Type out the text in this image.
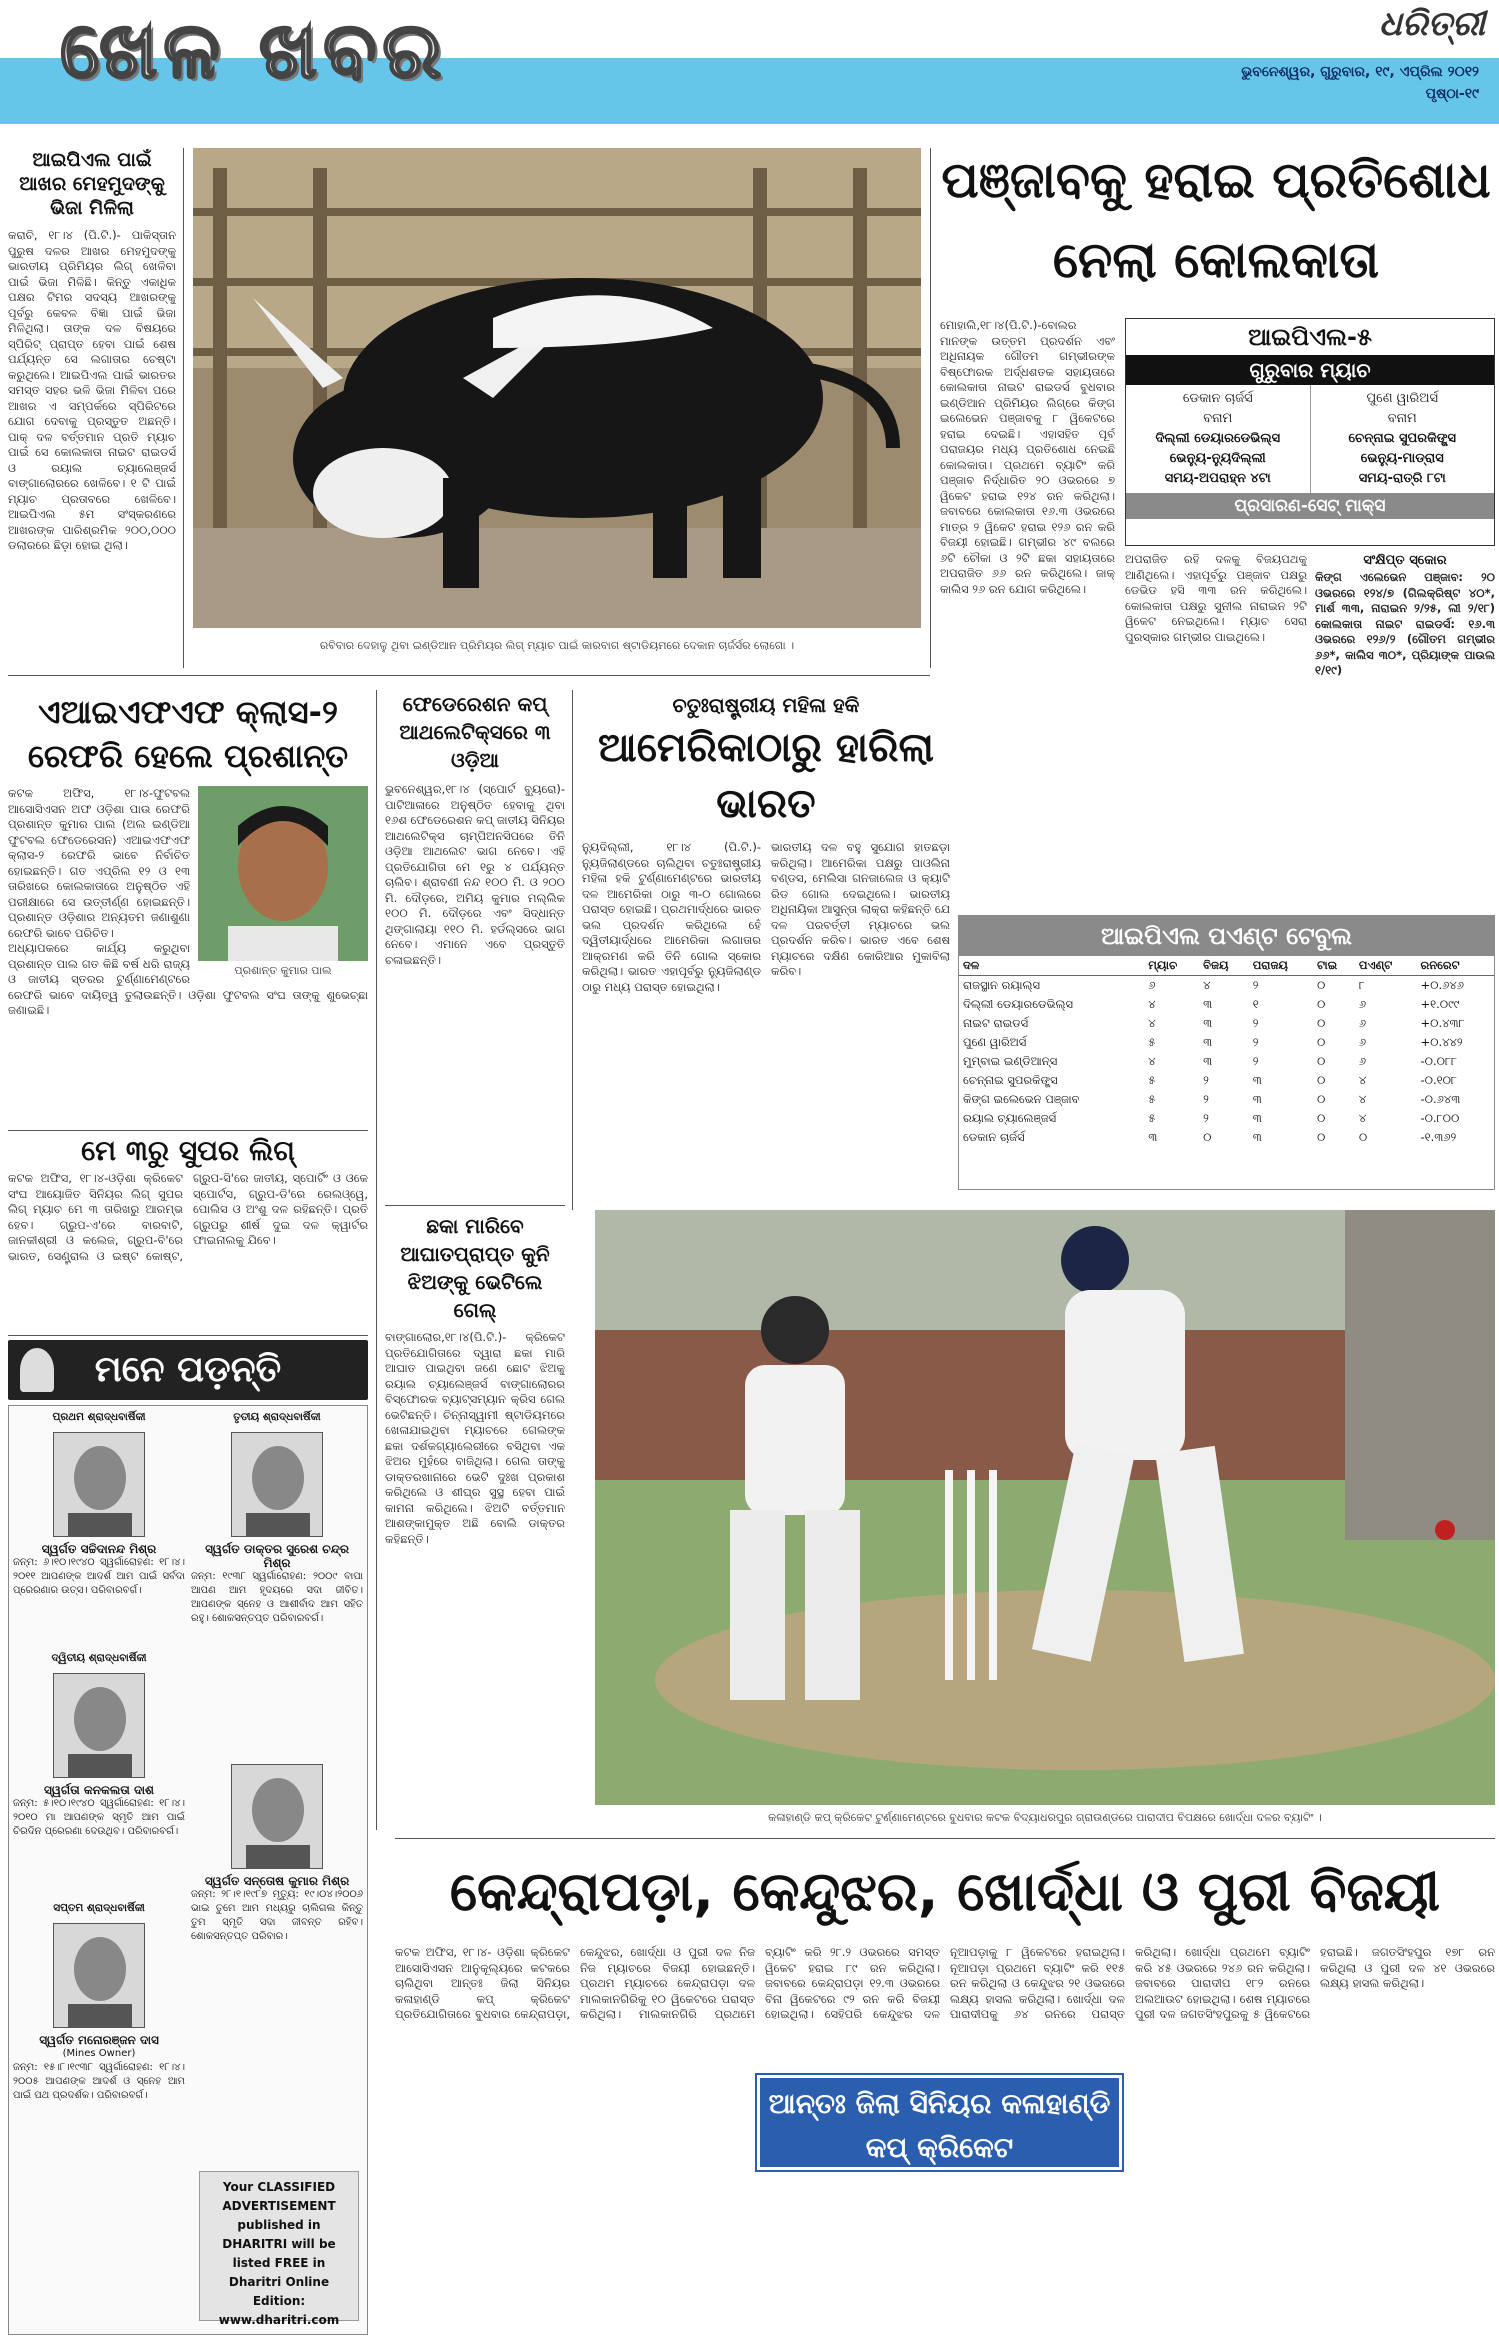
ଖେଳ ଖବର	ଧରିତ୍ରୀ
ଭୁବନେଶ୍ୱର, ଗୁରୁବାର, ୧୯, ଏପ୍ରିଲ ୨୦୧୨
ପୃଷ୍ଠା-୧୯
ଆଇପିଏଲ ପାଇଁ ଆଖର ମେହମୁଦଙ୍କୁ ଭିଜା ମିଳିଲା
କରାଚି, ୧୮।୪ (ପି.ଟି.)- ପାକିସ୍ତାନ ପୁରୁଷ ଦଳର ଆଖର ମେହମୁଦଙ୍କୁ ଭାରତୀୟ ପ୍ରିମିୟର ଲିଗ୍ ଖେଳିବା ପାଇଁ ଭିଜା ମିଳିଛି। କିନ୍ତୁ ଏକାଧିକ ପକ୍ଷର ଟିମର ସଦସ୍ୟ ଆଖରଙ୍କୁ ପୂର୍ବରୁ କେବଳ ବିଜ୍ଞା ପାଇଁ ଭିଜା ମିଳିଥିଲା। ତାଙ୍କ ଦଳ ବିଷୟରେ ସ୍ପିରିଟ୍ ପ୍ରାପ୍ତ ହେବା ପାଇଁ ଶେଷ ପର୍ଯ୍ୟନ୍ତ ସେ ଲଗାତାର ଚେଷ୍ଟା କରୁଥିଲେ। ଆଇପିଏଲ ପାଇଁ ଭାରତର ସମସ୍ତ ସହର ଭଳି ଭିଜା ମିଳିବା ପରେ ଆଖର ଏ ସମ୍ପର୍କରେ ସ୍ପିରିଟରେ ଯୋଗ ଦେବାକୁ ପ୍ରସ୍ତୁତ ଅଛନ୍ତି। ପାକ୍ ଦଳ ବର୍ତ୍ତମାନ ପ୍ରତି ମ୍ୟାଚ ପାଇଁ ସେ କୋଲକାତା ନାଇଟ ରାଇଡର୍ସ ଓ ରୟାଲ ଚ୍ୟାଲେଞ୍ଜର୍ସ ବାଙ୍ଗାଲୋରରେ ଖେଳିବେ। ୧ ଟି ପାଇଁ ମ୍ୟାଚ ପ୍ରତାବରେ ଖେଳିବେ। ଆଇପିଏଲ ୫ମ ସଂସ୍କରଣରେ ଆଖରଙ୍କ ପାରିଶ୍ରମିକ ୨୦୦,୦୦୦ ଡଲାରରେ ଛିଡ଼ା ହୋଇ ଥିଲା।
ରବିବାର ଦେହାଳୁ ଥିବା ଇଣ୍ଡିଆନ ପ୍ରିମିୟର ଲିଗ୍ ମ୍ୟାଚ ପାଇଁ କାରବାଗ ଷ୍ଟାଡିୟମରେ ଦେକାନ ଚାର୍ଜର୍ସର ଲୋଗୋ ।
ପଞ୍ଜାବକୁ ହରାଇ ପ୍ରତିଶୋଧ ନେଲା କୋଲକାତା
ମୋହାଲି,୧୮।୪(ପି.ଟି.)-ବୋଲର ମାନଙ୍କ ଉତ୍ତମ ପ୍ରଦର୍ଶନ ଏବଂ ଅଧିନାୟକ ଗୌତମ ଗମ୍ଭୀରଙ୍କ ବିଷ୍ଫୋରକ ଅର୍ଦ୍ଧଶତକ ସହାୟତାରେ କୋଲକାତା ନାଇଟ ରାଇଡର୍ସ ବୁଧବାର ଇଣ୍ଡିଆନ ପ୍ରିମିୟର ଲିଗ୍‌ରେ କିଙ୍ଗ ଇଲେଭେନ ପଞ୍ଜାବକୁ ୮ ୱିକେଟରେ ହରାଇ ଦେଇଛି। ଏହାସହିତ ପୂର୍ବ ପରାଜୟର ମଧ୍ୟ ପ୍ରତିଶୋଧ ନେଇଛି କୋଲକାତା। ପ୍ରଥମେ ବ୍ୟାଟିଂ କରି ପଞ୍ଜାବ ନିର୍ଦ୍ଧାରିତ ୨୦ ଓଭରରେ ୭ ୱିକେଟ ହରାଇ ୧୨୪ ରନ କରିଥିଲା। ଜବାବରେ କୋଲକାତା ୧୬.୩ ଓଭରରେ ମାତ୍ର ୨ ୱିକେଟ ହରାଇ ୧୨୬ ରନ କରି ବିଜୟୀ ହୋଇଛି। ଗମ୍ଭୀର ୪୯ ବଲରେ ୬ଟି ଚୌକା ଓ ୨ଟି ଛକା ସହାୟତାରେ ଅପରାଜିତ ୬୬ ରନ କରିଥିଲେ। ଜାକ୍ କାଲିସ ୨୬ ରନ ଯୋଗ କରିଥିଲେ।
ଆଇପିଏଲ-୫
ଗୁରୁବାର ମ୍ୟାଚ
ଡେକାନ ଚାର୍ଜର୍ସ
ବନାମ
ଦିଲ୍ଲୀ ଡେୟାରଡେଭିଲ୍ସ
ଭେନ୍ୟୁ-ନ୍ୟୁଦିଲ୍ଲୀ
ସମୟ-ଅପରାହ୍ନ ୪ଟା
ପୁଣେ ୱାରିଅର୍ସ
ବନାମ
ଚେନ୍ନାଇ ସୁପରକିଙ୍ଗ୍ସ
ଭେନ୍ୟୁ-ମାଡ୍ରାସ
ସମୟ-ରାତ୍ରି ୮ଟା
ପ୍ରସାରଣ-ସେଟ୍ ମାକ୍ସ
ଅପରାଜିତ ରହି ଦଳକୁ ବିଜୟପଥକୁ ଆଣିଥିଲେ। ଏହାପୂର୍ବରୁ ପଞ୍ଜାବ ପକ୍ଷରୁ ଡେଭିଡ ହସି ୩୩ ରନ କରିଥିଲେ। କୋଲକାତା ପକ୍ଷରୁ ସୁନୀଲ ନାରାଇନ ୨ଟି ୱିକେଟ ନେଇଥିଲେ। ମ୍ୟାଚ ସେରା ପୁରସ୍କାର ଗମ୍ଭୀର ପାଇଥିଲେ।
ସଂକ୍ଷିପ୍ତ ସ୍କୋର
କିଙ୍ଗ ଏଲେଭେନ ପଞ୍ଜାବ: ୨୦ ଓଭରରେ ୧୨୪/୭ (ଗିଲକ୍ରିଷ୍ଟ ୪୦*, ମାର୍ଶ ୩୩, ନାରାଇନ ୨/୨୫, ଲୀ ୨/୧୮) କୋଲକାତା ନାଇଟ ରାଇଡର୍ସ: ୧୬.୩ ଓଭରରେ ୧୨୬/୨ (ଗୌତମ ଗମ୍ଭୀର ୬୬*, କାଲିସ ୩୦*, ପ୍ରିୟାଙ୍କ ପାଉଲ ୧/୧୯)
ଆଇପିଏଲ ପଏଣ୍ଟ ଟେବୁଲ
ଦଳ	ମ୍ୟାଚ	ବିଜୟ	ପରାଜୟ	ଟାଇ	ପଏଣ୍ଟ	ରନରେଟ
ରାଜସ୍ଥାନ ରୟାଲ୍ସ	୬	୪	୨	୦	୮	+୦.୬୪୬
ଦିଲ୍ଲୀ ଡେୟାରଡେଭିଲ୍ସ	୪	୩	୧	୦	୬	+୧.୦୯୯
ନାଇଟ ରାଇଡର୍ସ	୪	୩	୨	୦	୬	+୦.୪୩୮
ପୁଣେ ୱାରିଅର୍ସ	୫	୩	୨	୦	୬	+୦.୪୪୨
ମୁମ୍ବାଇ ଇଣ୍ଡିଆନ୍ସ	୪	୩	୨	୦	୬	-୦.୦୮୮
ଚେନ୍ନାଇ ସୁପରକିଙ୍ଗ୍ସ	୫	୨	୩	୦	୪	-୦.୧୦୮
କିଙ୍ଗ ଇଲେଭେନ ପଞ୍ଜାବ	୫	୨	୩	୦	୪	-୦.୬୪୩
ରୟାଲ ଚ୍ୟାଲେଞ୍ଜର୍ସ	୫	୨	୩	୦	୪	-୦.୮୦୦
ଡେକାନ ଚାର୍ଜର୍ସ	୩	୦	୩	୦	୦	-୧.୩୬୨
ଏଆଇଏଫଏଫ କ୍ଲାସ-୨ ରେଫରି ହେଲେ ପ୍ରଶାନ୍ତ
ପ୍ରଶାନ୍ତ କୁମାର ପାଲ
କଟକ ଅଫିସ, ୧୮।୪-ଫୁଟବଲ ଆସୋସିଏସନ ଅଫ ଓଡ଼ିଶା ପାଉ ରେଫରି ପ୍ରଶାନ୍ତ କୁମାର ପାଲ (ଅଲ ଇଣ୍ଡିଆ ଫୁଟବଲ ଫେଡେରେସନ) ଏଆଇଏଫଏଫ କ୍ଲାସ-୨ ରେଫରି ଭାବେ ନିର୍ବାଚିତ ହୋଇଛନ୍ତି। ଗତ ଏପ୍ରିଲ ୧୨ ଓ ୧୩ ତାରିଖରେ କୋଲକାତାରେ ଅନୁଷ୍ଠିତ ଏହି ପରୀକ୍ଷାରେ ସେ ଉତ୍ତୀର୍ଣ୍ଣ ହୋଇଛନ୍ତି। ପ୍ରଶାନ୍ତ ଓଡ଼ିଶାର ଅନ୍ୟତମ ଜଣାଶୁଣା ରେଫରି ଭାବେ ପରିଚିତ।
ଅଧ୍ୟାପକରେ କାର୍ଯ୍ୟ କରୁଥିବା ପ୍ରଶାନ୍ତ ପାଲ ଗତ କିଛି ବର୍ଷ ଧରି ରାଜ୍ୟ ଓ ଜାତୀୟ ସ୍ତରର ଟୁର୍ଣ୍ଣାମେଣ୍ଟରେ ରେଫରି ଭାବେ ଦାୟିତ୍ୱ ତୁଲାଉଛନ୍ତି। ଓଡ଼ିଶା ଫୁଟବଲ ସଂଘ ତାଙ୍କୁ ଶୁଭେଚ୍ଛା ଜଣାଇଛି।
ମେ ୩ରୁ ସୁପର ଲିଗ୍
କଟକ ଅଫିସ, ୧୮।୪-ଓଡ଼ିଶା କ୍ରିକେଟ ସଂଘ ଆୟୋଜିତ ସିନିୟର ଲିଗ୍ ସୁପର ଲିଗ୍ ମ୍ୟାଚ ମେ ୩ ତାରିଖରୁ ଆରମ୍ଭ ହେବ। ଗ୍ରୁପ-ଏ'ରେ ବାରବାଟି, ଜାନକୀଶ୍ରୀ ଓ କଲେଜ, ଗ୍ରୁପ-ବି'ରେ ଭାରତ, ସେଣ୍ଟ୍ରାଲ ଓ ଇଷ୍ଟ କୋଷ୍ଟ, ଗ୍ରୁପ-ସି'ରେ ଜାତୀୟ, ସ୍ପୋର୍ଟିଂ ଓ ଓକେ ସ୍ପୋର୍ଟସ, ଗ୍ରୁପ-ଡି'ରେ ରେଲଓ୍ୱେ, ପୋଲିସ ଓ ଅଂଶୁ ଦଳ ରହିଛନ୍ତି। ପ୍ରତି ଗ୍ରୁପରୁ ଶୀର୍ଷ ଦୁଇ ଦଳ କ୍ୱାର୍ଟର ଫାଇନାଲକୁ ଯିବେ।
ଫେଡେରେଶନ କପ୍ ଆଥଲେଟିକ୍ସରେ ୩ ଓଡ଼ିଆ
ଭୁବନେଶ୍ୱର,୧୮।୪ (ସ୍ପୋର୍ଟ ବ୍ୟୁରୋ)-ପାଟିଆଳାରେ ଅନୁଷ୍ଠିତ ହେବାକୁ ଥିବା ୧୬ଶ ଫେଡେରେଶନ କପ୍ ଜାତୀୟ ସିନିୟର ଆଥଲେଟିକ୍ସ ଚାମ୍ପିଅନସିପରେ ତିନି ଓଡ଼ିଆ ଆଥଲେଟ ଭାଗ ନେବେ। ଏହି ପ୍ରତିଯୋଗିତା ମେ ୧ରୁ ୪ ପର୍ଯ୍ୟନ୍ତ ଚାଲିବ। ଶ୍ରାବଣୀ ନନ୍ଦ ୧୦୦ ମି. ଓ ୨୦୦ ମି. ଦୌଡ଼ରେ, ଅମିୟ କୁମାର ମଲ୍ଲିକ ୧୦୦ ମି. ଦୌଡ଼ରେ ଏବଂ ସିଦ୍ଧାନ୍ତ ଥିଙ୍ଗାଲାୟା ୧୧୦ ମି. ହର୍ଡଲ୍ସରେ ଭାଗ ନେବେ। ଏମାନେ ଏବେ ପ୍ରସ୍ତୁତି ଚଳାଇଛନ୍ତି।
ଛକା ମାରିବେ ଆଘାତପ୍ରାପ୍ତ କୁନି ଝିଅଙ୍କୁ ଭେଟିଲେ ଗେଲ୍
ବାଙ୍ଗାଲୋର,୧୮।୪(ପି.ଟି.)- କ୍ରିକେଟ ପ୍ରତିଯୋଗିତାରେ ଦ୍ୱାରା ଛକା ମାରି ଆଘାତ ପାଇଥିବା ଜଣେ ଛୋଟ ଝିଅକୁ ରୟାଲ ଚ୍ୟାଲେଞ୍ଜର୍ସ ବାଙ୍ଗାଲୋରର ବିସ୍ଫୋରକ ବ୍ୟାଟ୍ସମ୍ୟାନ କ୍ରିସ ଗେଲ ଭେଟିଛନ୍ତି। ଚିନ୍ନାସ୍ୱାମୀ ଷ୍ଟାଡିୟମରେ ଖେଳାଯାଇଥିବା ମ୍ୟାଚରେ ଗେଲଙ୍କ ଛକା ଦର୍ଶକଗ୍ୟାଲେରୀରେ ବସିଥିବା ଏକ ଝିଅର ମୁହଁରେ ବାଜିଥିଲା। ଗେଲ ତାଙ୍କୁ ଡାକ୍ତରଖାନାରେ ଭେଟି ଦୁଃଖ ପ୍ରକାଶ କରିଥିଲେ ଓ ଶୀଘ୍ର ସୁସ୍ଥ ହେବା ପାଇଁ କାମନା କରିଥିଲେ। ଝିଅଟି ବର୍ତ୍ତମାନ ଆଶଙ୍କାମୁକ୍ତ ଅଛି ବୋଲି ଡାକ୍ତର କହିଛନ୍ତି।
ଚତୁଃରାଷ୍ଟ୍ରୀୟ ମହିଳା ହକି
ଆମେରିକାଠାରୁ ହାରିଲା ଭାରତ
ନ୍ୟୁଦିଲ୍ଲୀ, ୧୮।୪ (ପି.ଟି.)- ନ୍ୟୁଜିଲାଣ୍ଡରେ ଚାଲିଥିବା ଚତୁଃରାଷ୍ଟ୍ରୀୟ ମହିଳା ହକି ଟୁର୍ଣ୍ଣାମେଣ୍ଟରେ ଭାରତୀୟ ଦଳ ଆମେରିକା ଠାରୁ ୩-୦ ଗୋଲରେ ପରାସ୍ତ ହୋଇଛି। ପ୍ରଥମାର୍ଦ୍ଧରେ ଭାରତ ଭଲ ପ୍ରଦର୍ଶନ କରିଥିଲେ ହେଁ ଦ୍ୱିତୀୟାର୍ଦ୍ଧରେ ଆମେରିକା ଲଗାତାର ଆକ୍ରମଣ କରି ତିନି ଗୋଲ ସ୍କୋର କରିଥିଲା। ଭାରତ ଏହାପୂର୍ବରୁ ନ୍ୟୁଜିଲାଣ୍ଡ ଠାରୁ ମଧ୍ୟ ପରାସ୍ତ ହୋଇଥିଲା।
ଭାରତୀୟ ଦଳ ବହୁ ସୁଯୋଗ ହାତଛଡ଼ା କରିଥିଲା। ଆମେରିକା ପକ୍ଷରୁ ପାଓଲିନା ବଣ୍ଡସ, ମେଲିସା ଗନଜାଲେଜ ଓ କ୍ୟାଟି ରିଡ ଗୋଲ ଦେଇଥିଲେ। ଭାରତୀୟ ଅଧିନାୟିକା ଆସୁନ୍ତା ଲାକ୍ରା କହିଛନ୍ତି ଯେ ଦଳ ପରବର୍ତ୍ତୀ ମ୍ୟାଚରେ ଭଲ ପ୍ରଦର୍ଶନ କରିବ। ଭାରତ ଏବେ ଶେଷ ମ୍ୟାଚରେ ଦକ୍ଷିଣ କୋରିଆର ମୁକାବିଲା କରିବ।
କଳାହାଣ୍ଡି କପ୍ କ୍ରିକେଟ ଟୁର୍ଣ୍ଣାମେଣ୍ଟରେ ବୁଧବାର କଟକ ବିଦ୍ୟାଧରପୁର ଗ୍ରାଉଣ୍ଡରେ ପାରାଦୀପ ବିପକ୍ଷରେ ଖୋର୍ଦ୍ଧା ଦଳର ବ୍ୟାଟିଂ ।
କେନ୍ଦ୍ରାପଡ଼ା, କେନ୍ଦୁଝର, ଖୋର୍ଦ୍ଧା ଓ ପୁରୀ ବିଜୟୀ
କଟକ ଅଫିସ, ୧୮।୪- ଓଡ଼ିଶା କ୍ରିକେଟ ଆସୋସିଏସନ ଆନୁକୂଲ୍ୟରେ କଟକରେ ଚାଲିଥିବା ଆନ୍ତଃ ଜିଲା ସିନିୟର କଳାହାଣ୍ଡି କପ୍ କ୍ରିକେଟ ପ୍ରତିଯୋଗିତାରେ ବୁଧବାର କେନ୍ଦ୍ରାପଡ଼ା, କେନ୍ଦୁଝର, ଖୋର୍ଦ୍ଧା ଓ ପୁରୀ ଦଳ ନିଜ ନିଜ ମ୍ୟାଚରେ ବିଜୟୀ ହୋଇଛନ୍ତି। ପ୍ରଥମ ମ୍ୟାଚରେ କେନ୍ଦ୍ରାପଡ଼ା ଦଳ ମାଲକାନଗିରିକୁ ୧୦ ୱିକେଟରେ ପରାସ୍ତ କରିଥିଲା। ମାଲକାନଗିରି ପ୍ରଥମେ ବ୍ୟାଟିଂ କରି ୨୮.୨ ଓଭରରେ ସମସ୍ତ ୱିକେଟ ହରାଇ ୮୯ ରନ କରିଥିଲା। ଜବାବରେ କେନ୍ଦ୍ରାପଡ଼ା ୧୨.୩ ଓଭରରେ ବିନା ୱିକେଟରେ ୯୨ ରନ କରି ବିଜୟୀ ହୋଇଥିଲା। ସେହିପରି କେନ୍ଦୁଝର ଦଳ ନୂଆପଡ଼ାକୁ ୮ ୱିକେଟରେ ହରାଇଥିଲା। ନୂଆପଡ଼ା ପ୍ରଥମେ ବ୍ୟାଟିଂ କରି ୧୧୫ ରନ କରିଥିଲା ଓ କେନ୍ଦୁଝର ୨୧ ଓଭରରେ ଲକ୍ଷ୍ୟ ହାସଲ କରିଥିଲା। ଖୋର୍ଦ୍ଧା ଦଳ ପାରାଦୀପକୁ ୬୪ ରନରେ ପରାସ୍ତ କରିଥିଲା। ଖୋର୍ଦ୍ଧା ପ୍ରଥମେ ବ୍ୟାଟିଂ କରି ୪୫ ଓଭରରେ ୨୪୬ ରନ କରିଥିଲା। ଜବାବରେ ପାରାଦୀପ ୧୮୨ ରନରେ ଅଲଆଉଟ ହୋଇଥିଲା। ଶେଷ ମ୍ୟାଚରେ ପୁରୀ ଦଳ ଜଗତସିଂହପୁରକୁ ୫ ୱିକେଟରେ ହରାଇଛି। ଜଗତସିଂହପୁର ୧୭୮ ରନ କରିଥିଲା ଓ ପୁରୀ ଦଳ ୪୧ ଓଭରରେ ଲକ୍ଷ୍ୟ ହାସଲ କରିଥିଲା।
ଆନ୍ତଃ ଜିଲା ସିନିୟର କଳାହାଣ୍ଡି କପ୍ କ୍ରିକେଟ
ମନେ ପଡ଼ନ୍ତି
ପ୍ରଥମ ଶ୍ରାଦ୍ଧବାର୍ଷିକୀ
ସ୍ୱର୍ଗତ ସଚ୍ଚିଦାନନ୍ଦ ମିଶ୍ର
ଜନ୍ମ: ୬।୧୦।୧୯୪୦ ସ୍ୱର୍ଗାରୋହଣ: ୧୮।୪।୨୦୧୧ ଆପଣଙ୍କ ଆଦର୍ଶ ଆମ ପାଇଁ ସର୍ବଦା ପ୍ରେରଣାର ଉତ୍ସ। ପରିବାରବର୍ଗ।
ତୃତୀୟ ଶ୍ରାଦ୍ଧବାର୍ଷିକୀ
ସ୍ୱର୍ଗତ ଡାକ୍ତର ସୁରେଶ ଚନ୍ଦ୍ର ମିଶ୍ର
ଜନ୍ମ: ୧୯୩୮ ସ୍ୱର୍ଗାରୋହଣ: ୨୦୦୯ ବାପା ଆପଣ ଆମ ହୃଦୟରେ ସଦା ଜୀବିତ। ଆପଣଙ୍କ ସ୍ନେହ ଓ ଆଶୀର୍ବାଦ ଆମ ସହିତ ରହୁ। ଶୋକସନ୍ତପ୍ତ ପରିବାରବର୍ଗ।
ଦ୍ୱିତୀୟ ଶ୍ରାଦ୍ଧବାର୍ଷିକୀ
ସ୍ୱର୍ଗତା କନକଲତା ଦାଶ
ଜନ୍ମ: ୫।୧୦।୧୯୪୦ ସ୍ୱର୍ଗାରୋହଣ: ୧୮।୪।୨୦୧୦ ମା ଆପଣଙ୍କ ସ୍ମୃତି ଆମ ପାଇଁ ଚିରଦିନ ପ୍ରେରଣା ଦେଉଥିବ। ପରିବାରବର୍ଗ।
ସ୍ୱର୍ଗତ ସନ୍ତୋଷ କୁମାର ମିଶ୍ର
ଜନ୍ମ: ୨୮।୧।୧୯୮୭ ମୃତ୍ୟୁ: ୧୯।୦୪।୨୦୦୬ ଭାଇ ତୁମେ ଆମ ମଧ୍ୟରୁ ଚାଲିଗଲ କିନ୍ତୁ ତୁମ ସ୍ମୃତି ସଦା ଜୀବନ୍ତ ରହିବ। ଶୋକସନ୍ତପ୍ତ ପରିବାର।
ସପ୍ତମ ଶ୍ରାଦ୍ଧବାର୍ଷିକୀ
ସ୍ୱର୍ଗତ ମନୋରଞ୍ଜନ ଦାସ
(Mines Owner)
ଜନ୍ମ: ୧୫।୮।୧୯୩୮ ସ୍ୱର୍ଗାରୋହଣ: ୧୮।୪।୨୦୦୫ ଆପଣଙ୍କ ଆଦର୍ଶ ଓ ସ୍ନେହ ଆମ ପାଇଁ ପଥ ପ୍ରଦର୍ଶକ। ପରିବାରବର୍ଗ।
Your CLASSIFIED ADVERTISEMENT published in DHARITRI will be listed FREE in Dharitri Online Edition: www.dharitri.com
